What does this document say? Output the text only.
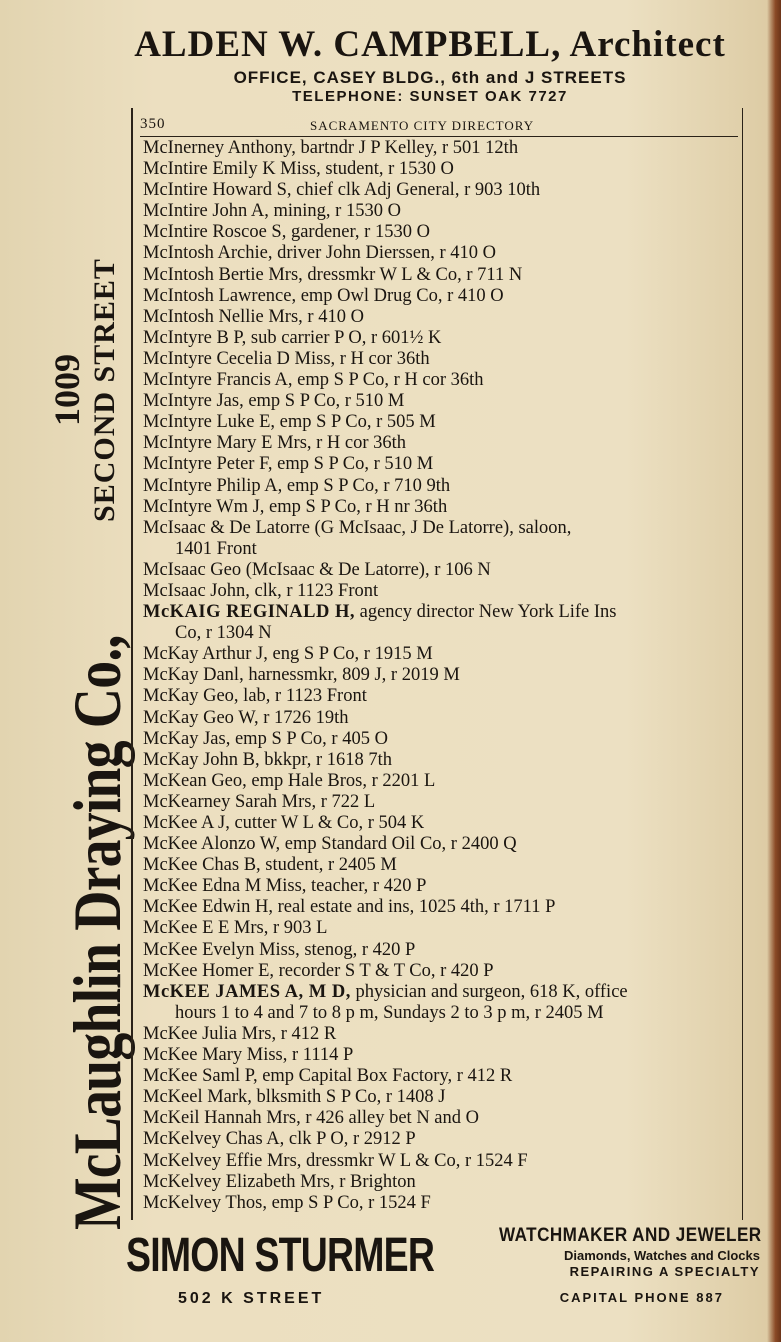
ALDEN W. CAMPBELL, Architect
OFFICE, CASEY BLDG., 6th and J STREETS
TELEPHONE: SUNSET OAK 7727
McLaughlin Draying Co.,
1009 SECOND STREET
350	SACRAMENTO CITY DIRECTORY
McInerney Anthony, bartndr J P Kelley, r 501 12th
McIntire Emily K Miss, student, r 1530 O
McIntire Howard S, chief clk Adj General, r 903 10th
McIntire John A, mining, r 1530 O
McIntire Roscoe S, gardener, r 1530 O
McIntosh Archie, driver John Dierssen, r 410 O
McIntosh Bertie Mrs, dressmkr W L & Co, r 711 N
McIntosh Lawrence, emp Owl Drug Co, r 410 O
McIntosh Nellie Mrs, r 410 O
McIntyre B P, sub carrier P O, r 601½ K
McIntyre Cecelia D Miss, r H cor 36th
McIntyre Francis A, emp S P Co, r H cor 36th
McIntyre Jas, emp S P Co, r 510 M
McIntyre Luke E, emp S P Co, r 505 M
McIntyre Mary E Mrs, r H cor 36th
McIntyre Peter F, emp S P Co, r 510 M
McIntyre Philip A, emp S P Co, r 710 9th
McIntyre Wm J, emp S P Co, r H nr 36th
McIsaac & De Latorre (G McIsaac, J De Latorre), saloon,
1401 Front
McIsaac Geo (McIsaac & De Latorre), r 106 N
McIsaac John, clk, r 1123 Front
McKAIG REGINALD H, agency director New York Life Ins
Co, r 1304 N
McKay Arthur J, eng S P Co, r 1915 M
McKay Danl, harnessmkr, 809 J, r 2019 M
McKay Geo, lab, r 1123 Front
McKay Geo W, r 1726 19th
McKay Jas, emp S P Co, r 405 O
McKay John B, bkkpr, r 1618 7th
McKean Geo, emp Hale Bros, r 2201 L
McKearney Sarah Mrs, r 722 L
McKee A J, cutter W L & Co, r 504 K
McKee Alonzo W, emp Standard Oil Co, r 2400 Q
McKee Chas B, student, r 2405 M
McKee Edna M Miss, teacher, r 420 P
McKee Edwin H, real estate and ins, 1025 4th, r 1711 P
McKee E E Mrs, r 903 L
McKee Evelyn Miss, stenog, r 420 P
McKee Homer E, recorder S T & T Co, r 420 P
McKEE JAMES A, M D, physician and surgeon, 618 K, office
hours 1 to 4 and 7 to 8 p m, Sundays 2 to 3 p m, r 2405 M
McKee Julia Mrs, r 412 R
McKee Mary Miss, r 1114 P
McKee Saml P, emp Capital Box Factory, r 412 R
McKeel Mark, blksmith S P Co, r 1408 J
McKeil Hannah Mrs, r 426 alley bet N and O
McKelvey Chas A, clk P O, r 2912 P
McKelvey Effie Mrs, dressmkr W L & Co, r 1524 F
McKelvey Elizabeth Mrs, r Brighton
McKelvey Thos, emp S P Co, r 1524 F
SIMON STURMER	WATCHMAKER AND JEWELER
Diamonds, Watches and Clocks
REPAIRING A SPECIALTY
502 K STREET	CAPITAL PHONE 887
